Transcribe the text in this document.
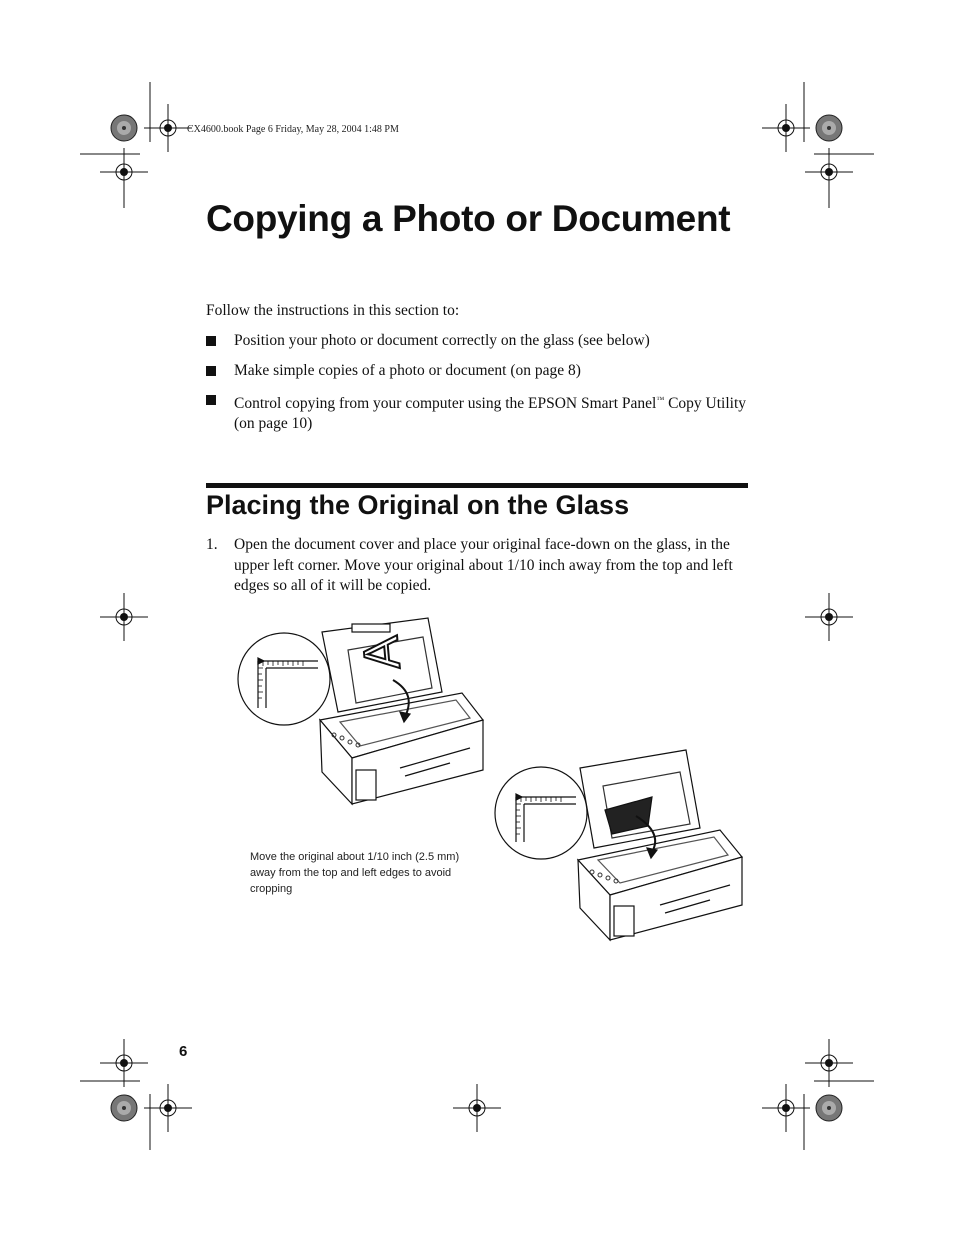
CX4600.book Page 6 Friday, May 28, 2004 1:48 PM
Copying a Photo or Document
Follow the instructions in this section to:
Position your photo or document correctly on the glass (see below)
Make simple copies of a photo or document (on page 8)
Control copying from your computer using the EPSON Smart Panel™ Copy Utility (on page 10)
Placing the Original on the Glass
1. Open the document cover and place your original face-down on the glass, in the upper left corner. Move your original about 1/10 inch away from the top and left edges so all of it will be copied.
A
Move the original about 1/10 inch (2.5 mm) away from the top and left edges to avoid cropping
6
